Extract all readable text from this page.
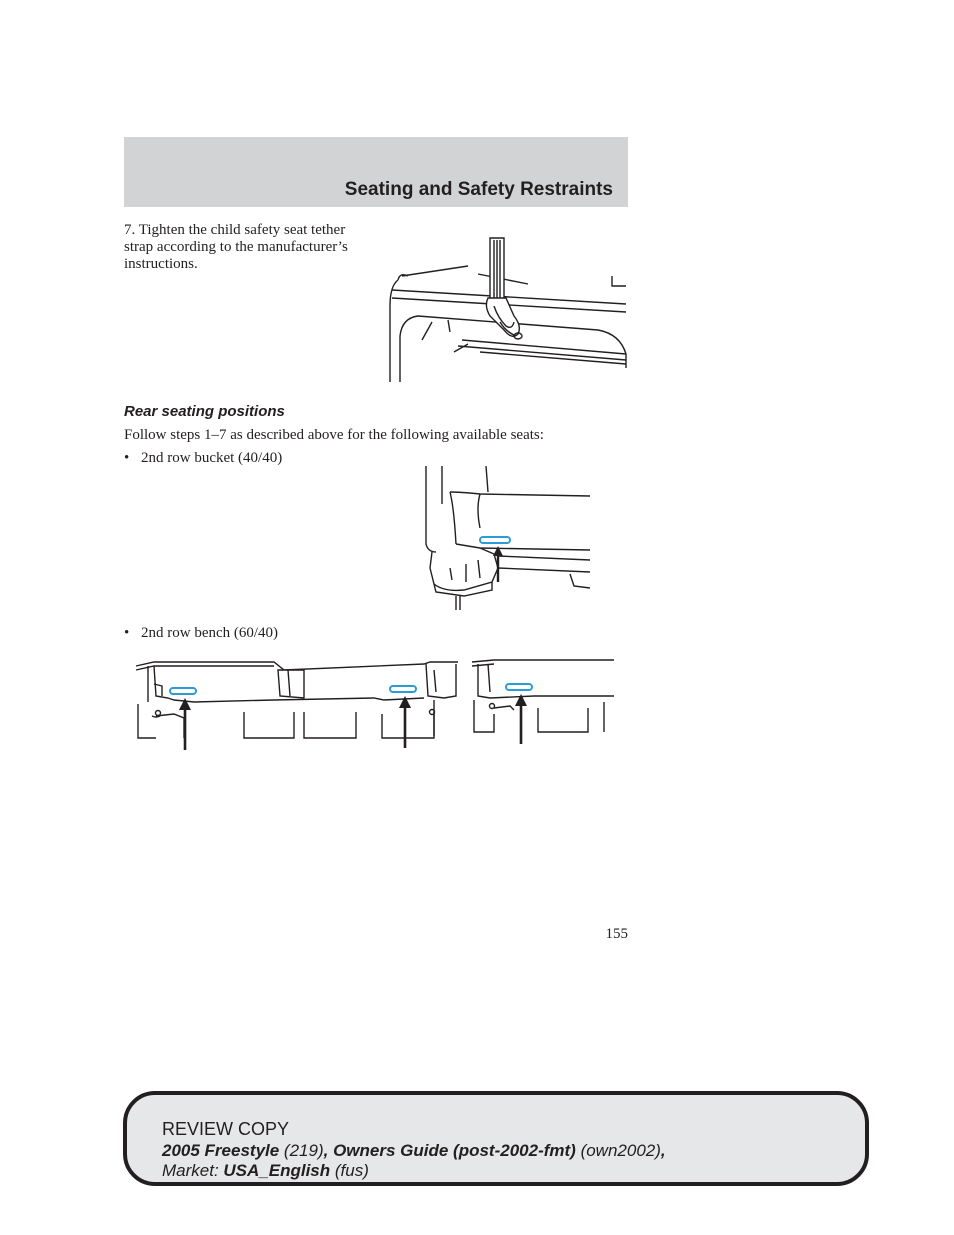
Seating and Safety Restraints

7. Tighten the child safety seat tether strap according to the manufacturer’s instructions.

Rear seating positions

Follow steps 1–7 as described above for the following available seats:

• 2nd row bucket (40/40)

• 2nd row bench (60/40)

155

REVIEW COPY

2005 Freestyle (219), Owners Guide (post-2002-fmt) (own2002),

Market: USA_English (fus)
